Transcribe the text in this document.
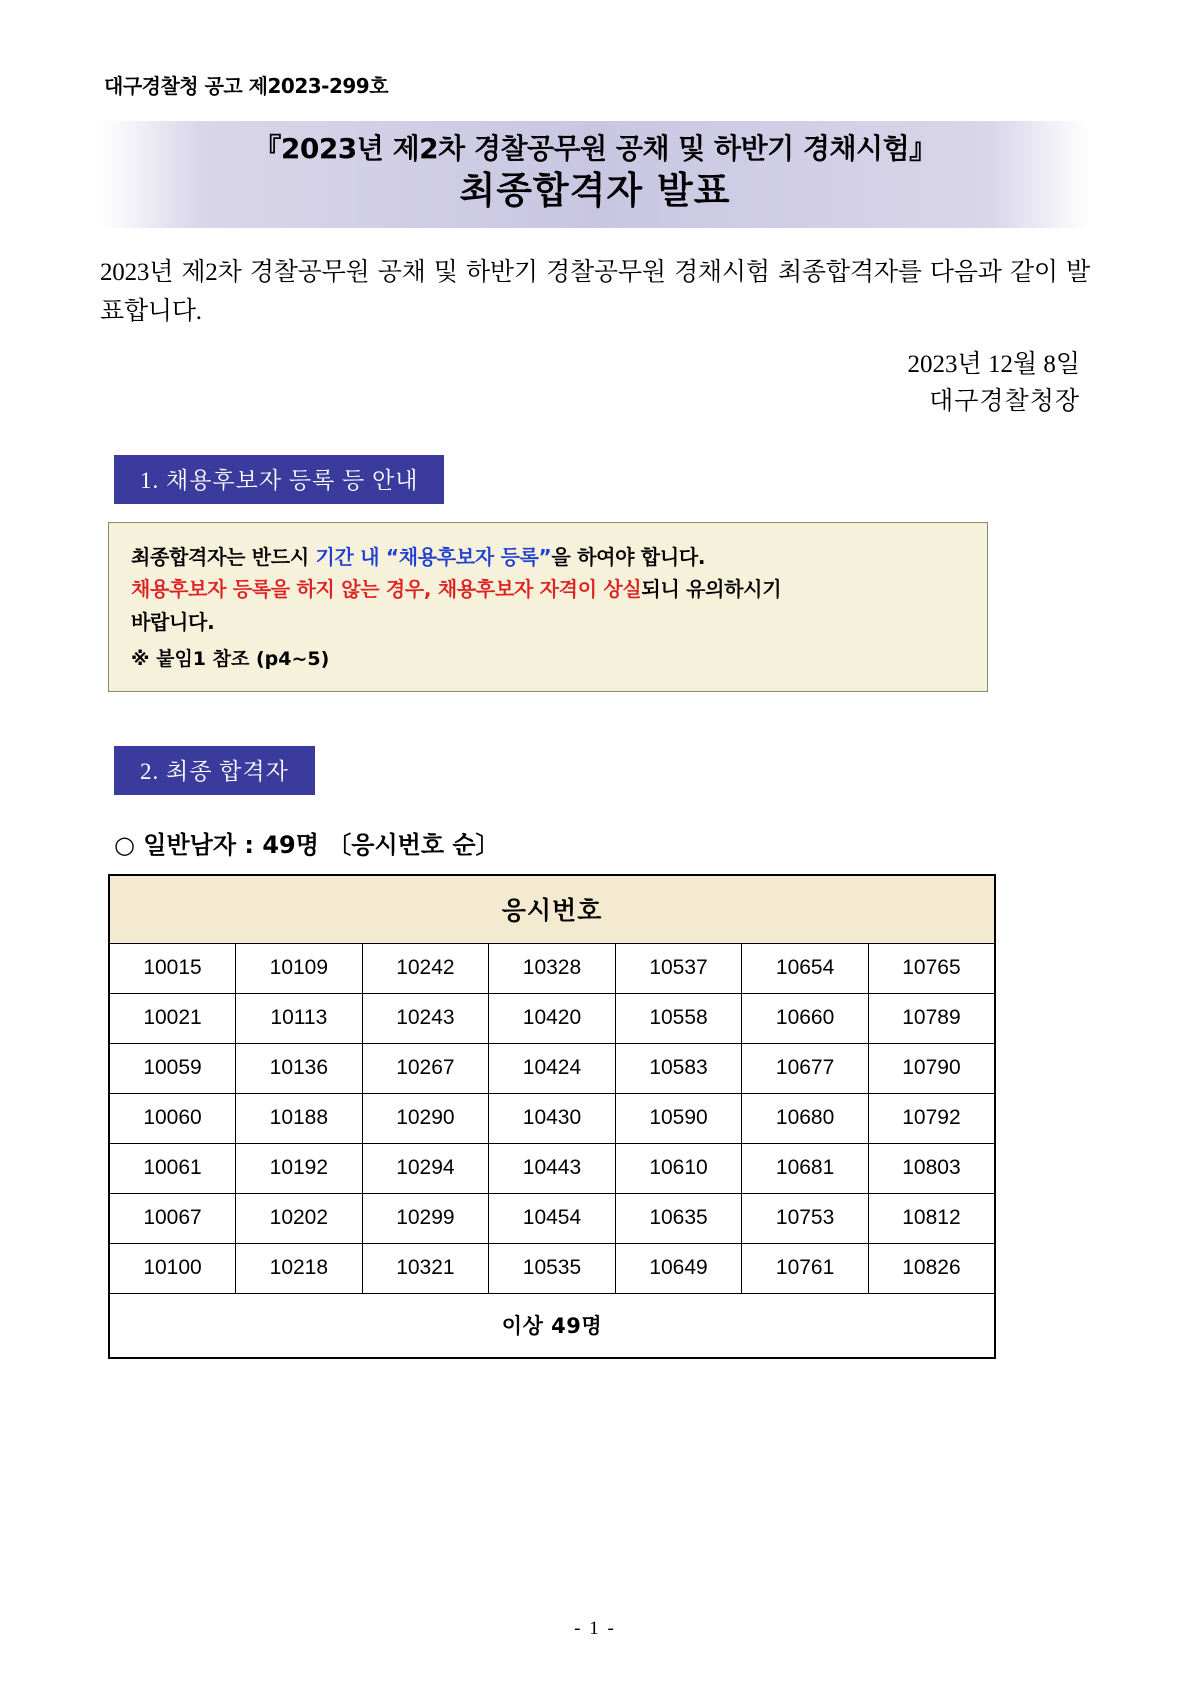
대구경찰청 공고 제2023-299호
『2023년 제2차 경찰공무원 공채 및 하반기 경채시험』
최종합격자 발표

2023년 제2차 경찰공무원 공채 및 하반기 경찰공무원 경채시험 최종합격자를 다음과 같이 발표합니다.

2023년 12월 8일
대구경찰청장
1. 채용후보자 등록 등 안내
최종합격자는 반드시 기간 내 “채용후보자 등록”을 하여야 합니다.
채용후보자 등록을 하지 않는 경우, 채용후보자 자격이 상실되니 유의하시기
바랍니다.
※ 붙임1 참조 (p4~5)
2. 최종 합격자
○ 일반남자 : 49명 〔응시번호 순〕
응시번호						
10015	10109	10242	10328	10537	10654	10765
10021	10113	10243	10420	10558	10660	10789
10059	10136	10267	10424	10583	10677	10790
10060	10188	10290	10430	10590	10680	10792
10061	10192	10294	10443	10610	10681	10803
10067	10202	10299	10454	10635	10753	10812
10100	10218	10321	10535	10649	10761	10826
이상 49명						
- 1 -
